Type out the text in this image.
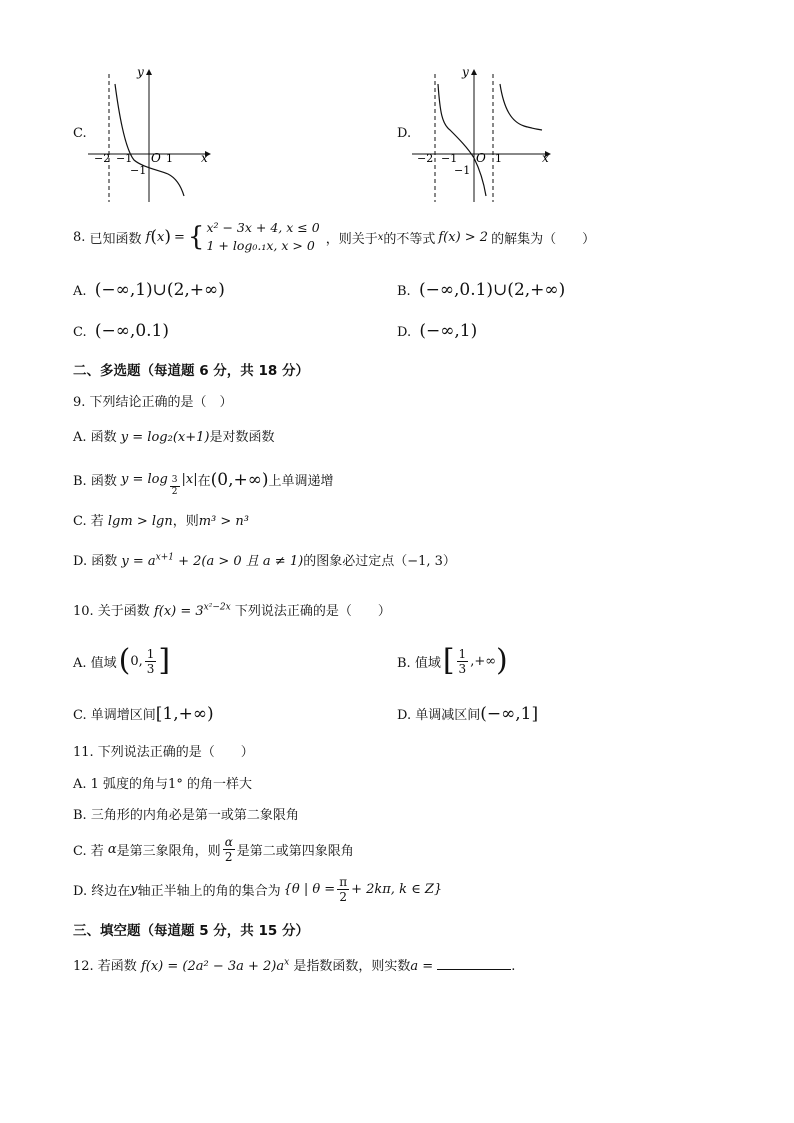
C.
y
x
O
−2 −1	1
−1
D.
y
x
O
−2 −1	1
−1
8.
已知函数 f ( x ) = { x² − 3x + 4, x ≤ 0
1 + log₀.₁x, x > 0 ，则关于 x 的不等式 f(x) > 2 的解集为（　　）
A. (−∞,1)∪(2,+∞)	B. (−∞,0.1)∪(2,+∞)
C. (−∞,0.1)	D. (−∞,1)
二、多选题（每道题 6 分，共 18 分）
9. 下列结论正确的是（　）
A. 函数 y = log₂(x+1)是对数函数
B. 函数
$y = \log \frac{3}{2} |x|$ 在 (0,+∞) 上单调递增
C. 若 lgm > lgn，则m³ > n³
D. 函数 $y = a^{x+1} + 2(a > 0$ 且 a ≠ 1)的图象必过定点（−1, 3）
10. 关于函数 $f(x) = 3^{x^2-2x}$ 下列说法正确的是（　　）
A. 值域 ( 0, $\frac{1}{3}$ ]	B. 值域 [ $\frac{1}{3}$ ,+∞ )
C. 单调增区间[1,+∞)	D. 单调减区间(−∞,1]
11. 下列说法正确的是（　　）
A. 1 弧度的角与1° 的角一样大
B. 三角形的内角必是第一或第二象限角
C. 若
α 是第三象限角，则 $\frac{\alpha}{2}$ 是第二或第四象限角
D. 终边在 y 轴正半轴上的角的集合为 {θ | $\theta = \frac{\pi}{2} + 2k\pi$, k ∈ Z}
三、填空题（每道题 5 分，共 15 分）
12. 若函数 $f(x) = (2a^2 - 3a + 2)a^x$ 是指数函数，则实数a =	.
